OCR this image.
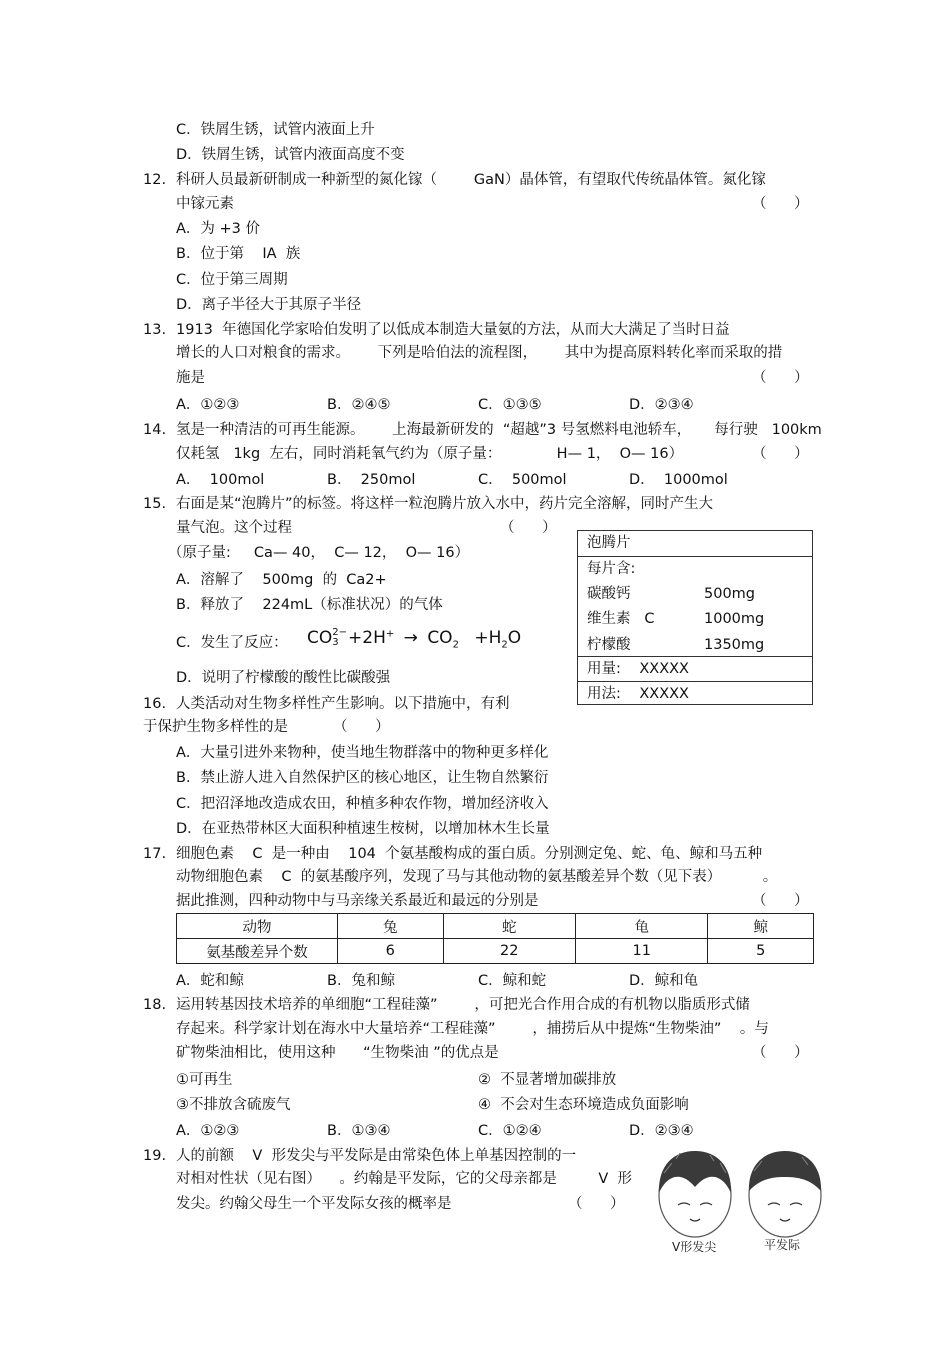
C．铁屑生锈，试管内液面上升
D．铁屑生锈，试管内液面高度不变
12. 科研人员最新研制成一种新型的氮化镓（        GaN）晶体管，有望取代传统晶体管。氮化镓
中镓元素	（      ）
A．为 +3 价
B．位于第    IA  族
C．位于第三周期
D．离子半径大于其原子半径
13. 1913  年德国化学家哈伯发明了以低成本制造大量氨的方法，从而大大满足了当时日益
增长的人口对粮食的需求。      下列是哈伯法的流程图，      其中为提高原料转化率而采取的措
施是	（      ）
A．①②③	B．②④⑤	C．①③⑤	D．②③④
14. 氢是一种清洁的可再生能源。      上海最新研发的  “超越”3 号氢燃料电池轿车，     每行驶   100km
仅耗氢   1kg  左右，同时消耗氧气约为（原子量：            H— 1，  O— 16）	（      ）
A．  100mol	B．  250mol	C．  500mol	D．  1000mol
15. 右面是某“泡腾片”的标签。将这样一粒泡腾片放入水中，药片完全溶解，同时产生大
量气泡。这个过程	（      ）
（原子量:     Ca— 40，  C— 12，  O— 16）
A．溶解了    500mg  的  Ca2+
B．释放了    224mL（标准状况）的气体
C．发生了反应： CO 2−
$3 +2H^+ \to CO_2 +H_2O$
D．说明了柠檬酸的酸性比碳酸强
泡腾片
每片含:
碳酸钙	500mg
维生素   C	1000mg
柠檬酸	1350mg
用量:    XXXXX
用法:    XXXXX
16. 人类活动对生物多样性产生影响。以下措施中，有利
于保护生物多样性的是	（      ）
A．大量引进外来物种，使当地生物群落中的物种更多样化
B．禁止游人进入自然保护区的核心地区，让生物自然繁衍
C．把沼泽地改造成农田，种植多种农作物，增加经济收入
D．在亚热带林区大面积种植速生桉树，以增加林木生长量
17. 细胞色素    C  是一种由    104  个氨基酸构成的蛋白质。分别测定兔、蛇、龟、鲸和马五种
动物细胞色素    C  的氨基酸序列，发现了马与其他动物的氨基酸差异个数（见下表）         。
据此推测，四种动物中与马亲缘关系最近和最远的分别是	（      ）
动物	兔	蛇	龟	鲸
氨基酸差异个数	6	22	11	5
A．蛇和鲸	B．兔和鲸	C．鲸和蛇	D．鲸和龟
18. 运用转基因技术培养的单细胞“工程硅藻”        ，可把光合作用合成的有机物以脂质形式储
存起来。科学家计划在海水中大量培养“工程硅藻”        ，捕捞后从中提炼“生物柴油”    。与
矿物柴油相比，使用这种      “生物柴油 ”的优点是	（      ）
①可再生	②  不显著增加碳排放
③不排放含硫废气	④  不会对生态环境造成负面影响
A．①②③	B．①③④	C．①②④	D．②③④
19. 人的前额    V  形发尖与平发际是由常染色体上单基因控制的一
对相对性状（见右图）    。约翰是平发际，它的父母亲都是         V  形
发尖。约翰父母生一个平发际女孩的概率是	（      ）
V形发尖	平发际
